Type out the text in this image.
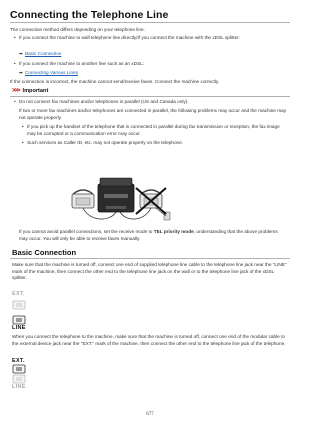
Connecting the Telephone Line
The connection method differs depending on your telephone line.
• If you connect the machine to wall telephone line directly/If you connect the machine with the xDSL splitter:
➡ Basic Connection
• If you connect the machine to another line such as an xDSL:
➡ Connecting Various Lines
If the connection is incorrect, the machine cannot send/receive faxes. Connect the machine correctly.
>>> Important
• Do not connect fax machines and/or telephones in parallel (US and Canada only).
If two or more fax machines and/or telephones are connected in parallel, the following problems may occur and the machine may not operate properly.
• If you pick up the handset of the telephone that is connected in parallel during fax transmission or reception, the fax image may be corrupted or a communication error may occur.
• Such services as Caller ID, etc. may not operate properly on the telephone.
If you cannot avoid parallel connections, set the receive mode to TEL priority mode, understanding that the above problems may occur. You will only be able to receive faxes manually.
Basic Connection
Make sure that the machine is turned off, connect one end of supplied telephone line cable to the telephone line jack near the "LINE" mark of the machine, then connect the other end to the telephone line jack on the wall or to the telephone line jack of the xDSL splitter.
EXT.
LINE
When you connect the telephone to the machine, make sure that the machine is turned off, connect one end of the modular cable to the external device jack near the "EXT." mark of the machine, then connect the other end to the telephone line jack of the telephone.
EXT.
LINE
677
